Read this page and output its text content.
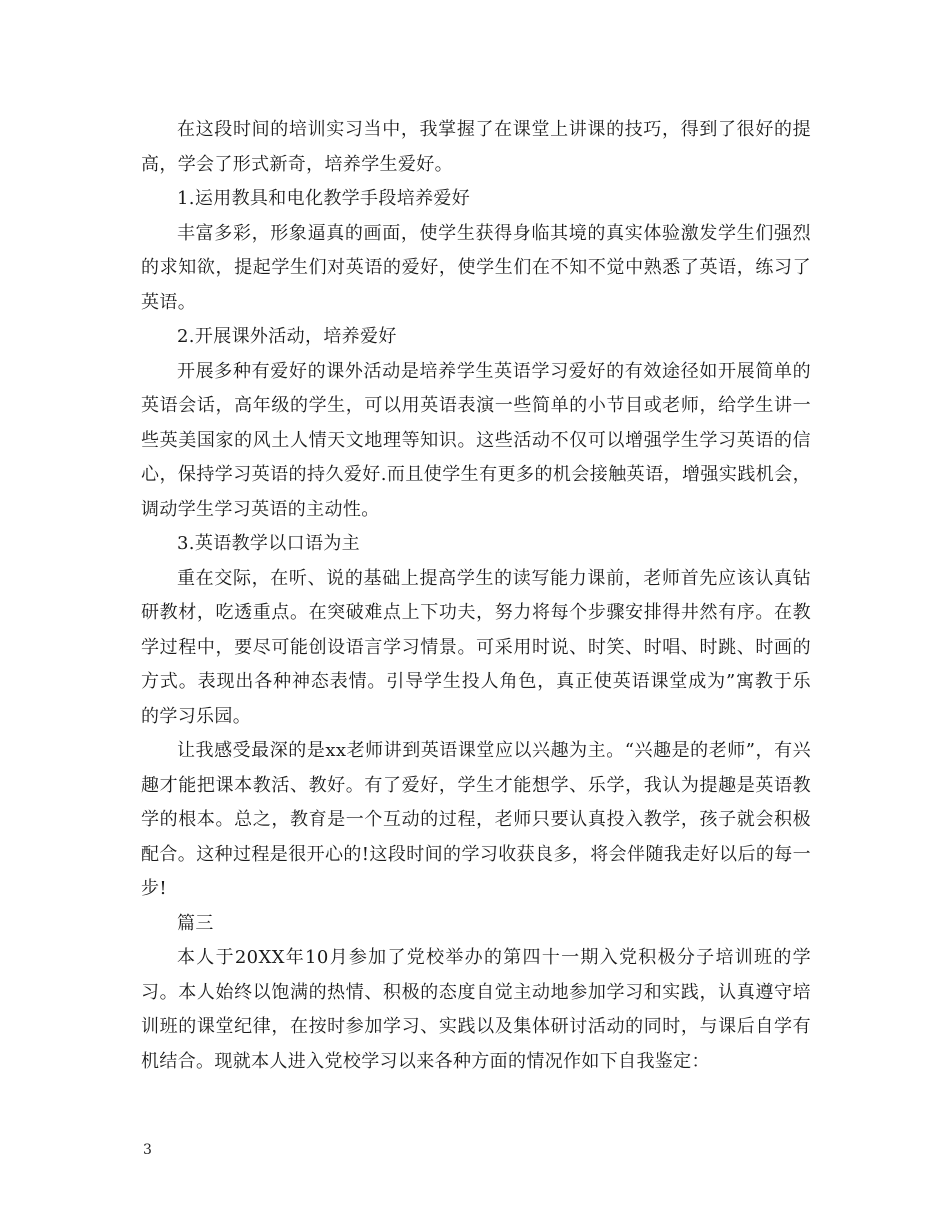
在这段时间的培训实习当中，我掌握了在课堂上讲课的技巧，得到了很好的提高，学会了形式新奇，培养学生爱好。

1.运用教具和电化教学手段培养爱好

丰富多彩，形象逼真的画面，使学生获得身临其境的真实体验激发学生们强烈的求知欲，提起学生们对英语的爱好，使学生们在不知不觉中熟悉了英语，练习了英语。

2.开展课外活动，培养爱好

开展多种有爱好的课外活动是培养学生英语学习爱好的有效途径如开展简单的英语会话，高年级的学生，可以用英语表演一些简单的小节目或老师，给学生讲一些英美国家的风土人情天文地理等知识。这些活动不仅可以增强学生学习英语的信心，保持学习英语的持久爱好.而且使学生有更多的机会接触英语，增强实践机会，调动学生学习英语的主动性。

3.英语教学以口语为主

重在交际，在听、说的基础上提高学生的读写能力课前，老师首先应该认真钻研教材，吃透重点。在突破难点上下功夫，努力将每个步骤安排得井然有序。在教学过程中，要尽可能创设语言学习情景。可采用时说、时笑、时唱、时跳、时画的方式。表现出各种神态表情。引导学生投人角色，真正使英语课堂成为”寓教于乐的学习乐园。

让我感受最深的是xx老师讲到英语课堂应以兴趣为主。“兴趣是的老师”，有兴趣才能把课本教活、教好。有了爱好，学生才能想学、乐学，我认为提趣是英语教学的根本。总之，教育是一个互动的过程，老师只要认真投入教学，孩子就会积极配合。这种过程是很开心的!这段时间的学习收获良多，将会伴随我走好以后的每一步!

篇三

本人于20XX年10月参加了党校举办的第四十一期入党积极分子培训班的学习。本人始终以饱满的热情、积极的态度自觉主动地参加学习和实践，认真遵守培训班的课堂纪律，在按时参加学习、实践以及集体研讨活动的同时，与课后自学有机结合。现就本人进入党校学习以来各种方面的情况作如下自我鉴定：

3
